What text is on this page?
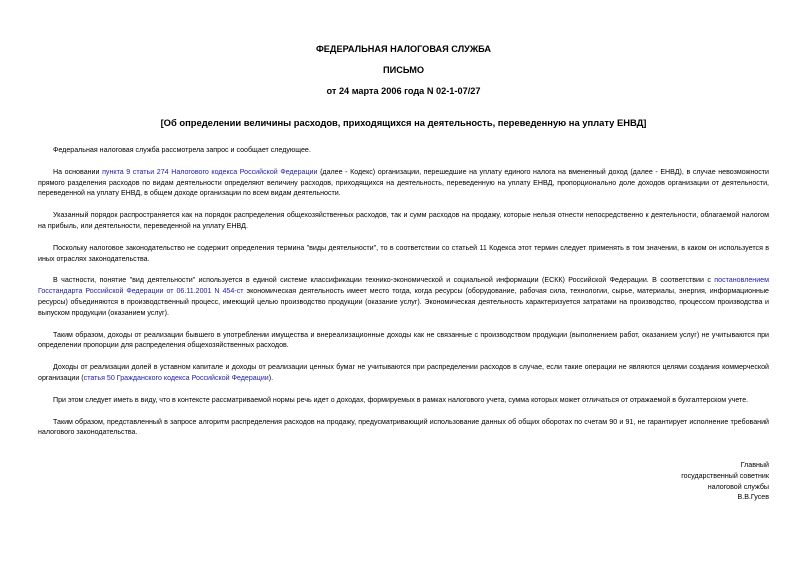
ФЕДЕРАЛЬНАЯ НАЛОГОВАЯ СЛУЖБА
ПИСЬМО
от 24 марта 2006 года N 02-1-07/27
[Об определении величины расходов, приходящихся на деятельность, переведенную на уплату ЕНВД]

Федеральная налоговая служба рассмотрела запрос и сообщает следующее.

На основании пункта 9 статьи 274 Налогового кодекса Российской Федерации (далее - Кодекс) организации, перешедшие на уплату единого налога на вмененный доход (далее - ЕНВД), в случае невозможности прямого разделения расходов по видам деятельности определяют величину расходов, приходящихся на деятельность, переведенную на уплату ЕНВД, пропорционально доле доходов организации от деятельности, переведенной на уплату ЕНВД, в общем доходе организации по всем видам деятельности.

Указанный порядок распространяется как на порядок распределения общехозяйственных расходов, так и сумм расходов на продажу, которые нельзя отнести непосредственно к деятельности, облагаемой налогом на прибыль, или деятельности, переведенной на уплату ЕНВД.

Поскольку налоговое законодательство не содержит определения термина "виды деятельности", то в соответствии со статьей 11 Кодекса этот термин следует применять в том значении, в каком он используется в иных отраслях законодательства.

В частности, понятие "вид деятельности" используется в единой системе классификации технико-экономической и социальной информации (ЕСКК) Российской Федерации. В соответствии с постановлением Госстандарта Российской Федерации от 06.11.2001 N 454-ст экономическая деятельность имеет место тогда, когда ресурсы (оборудование, рабочая сила, технологии, сырье, материалы, энергия, информационные ресурсы) объединяются в производственный процесс, имеющий целью производство продукции (оказание услуг). Экономическая деятельность характеризуется затратами на производство, процессом производства и выпуском продукции (оказанием услуг).

Таким образом, доходы от реализации бывшего в употреблении имущества и внереализационные доходы как не связанные с производством продукции (выполнением работ, оказанием услуг) не учитываются при определении пропорции для распределения общехозяйственных расходов.

Доходы от реализации долей в уставном капитале и доходы от реализации ценных бумаг не учитываются при распределении расходов в случае, если такие операции не являются целями создания коммерческой организации (статья 50 Гражданского кодекса Российской Федерации).

При этом следует иметь в виду, что в контексте рассматриваемой нормы речь идет о доходах, формируемых в рамках налогового учета, сумма которых может отличаться от отражаемой в бухгалтерском учете.

Таким образом, представленный в запросе алгоритм распределения расходов на продажу, предусматривающий использование данных об общих оборотах по счетам 90 и 91, не гарантирует исполнение требований налогового законодательства.

Главный
государственный советник
налоговой службы
В.В.Гусев
